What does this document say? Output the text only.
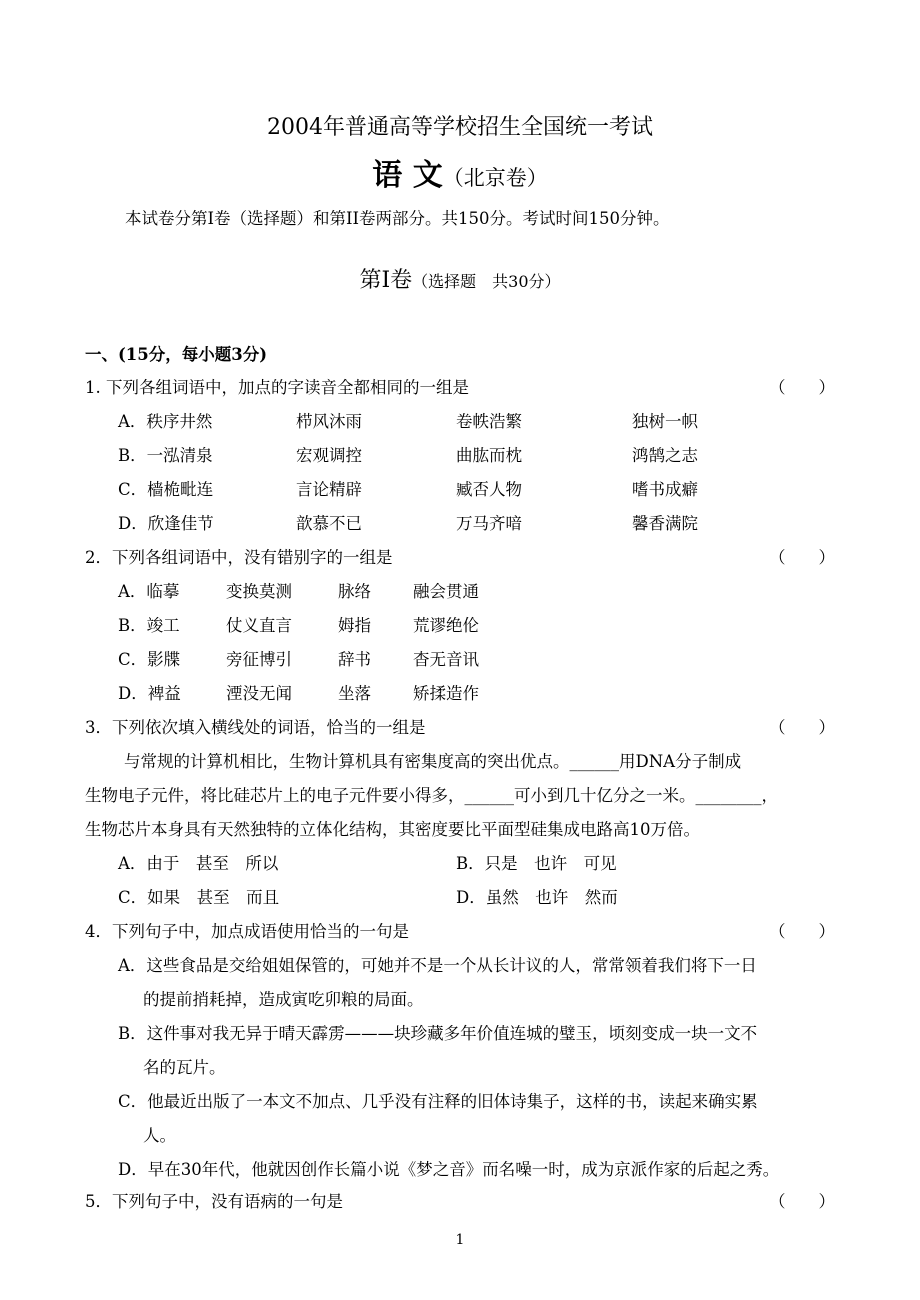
2004年普通高等学校招生全国统一考试
语 文（北京卷）
本试卷分第I卷（选择题）和第II卷两部分。共150分。考试时间150分钟。
第I卷（选择题　共30分）
一、(15分，每小题3分)
1. 下列各组词语中，加点的字读音全都相同的一组是	（　　）
A．秩序井然	栉风沐雨	卷帙浩繁	独树一帜
B．一泓清泉	宏观调控	曲肱而枕	鸿鹄之志
C．樯桅毗连	言论精辟	臧否人物	嗜书成癖
D．欣逢佳节	歆慕不已	万马齐喑	馨香满院
2．下列各组词语中，没有错别字的一组是	（　　）
A．临摹	变换莫测	脉络	融会贯通
B．竣工	仗义直言	姆指	荒谬绝伦
C．影牒	旁征博引	辞书	杳无音讯
D．裨益	湮没无闻	坐落	矫揉造作
3．下列依次填入横线处的词语，恰当的一组是	（　　）
与常规的计算机相比，生物计算机具有密集度高的突出优点。______用DNA分子制成
生物电子元件，将比硅芯片上的电子元件要小得多，______可小到几十亿分之一米。________，
生物芯片本身具有天然独特的立体化结构，其密度要比平面型硅集成电路高10万倍。
A．由于　甚至　所以	B．只是　也许　可见
C．如果　甚至　而且	D．虽然　也许　然而
4．下列句子中，加点成语使用恰当的一句是	（　　）
A．这些食品是交给姐姐保管的，可她并不是一个从长计议的人，常常领着我们将下一日
的提前捎耗掉，造成寅吃卯粮的局面。
B．这件事对我无异于晴天霹雳———块珍藏多年价值连城的璧玉，顷刻变成一块一文不
名的瓦片。
C．他最近出版了一本文不加点、几乎没有注释的旧体诗集子，这样的书，读起来确实累
人。
D．早在30年代，他就因创作长篇小说《梦之音》而名噪一时，成为京派作家的后起之秀。
5．下列句子中，没有语病的一句是	（　　）
1
